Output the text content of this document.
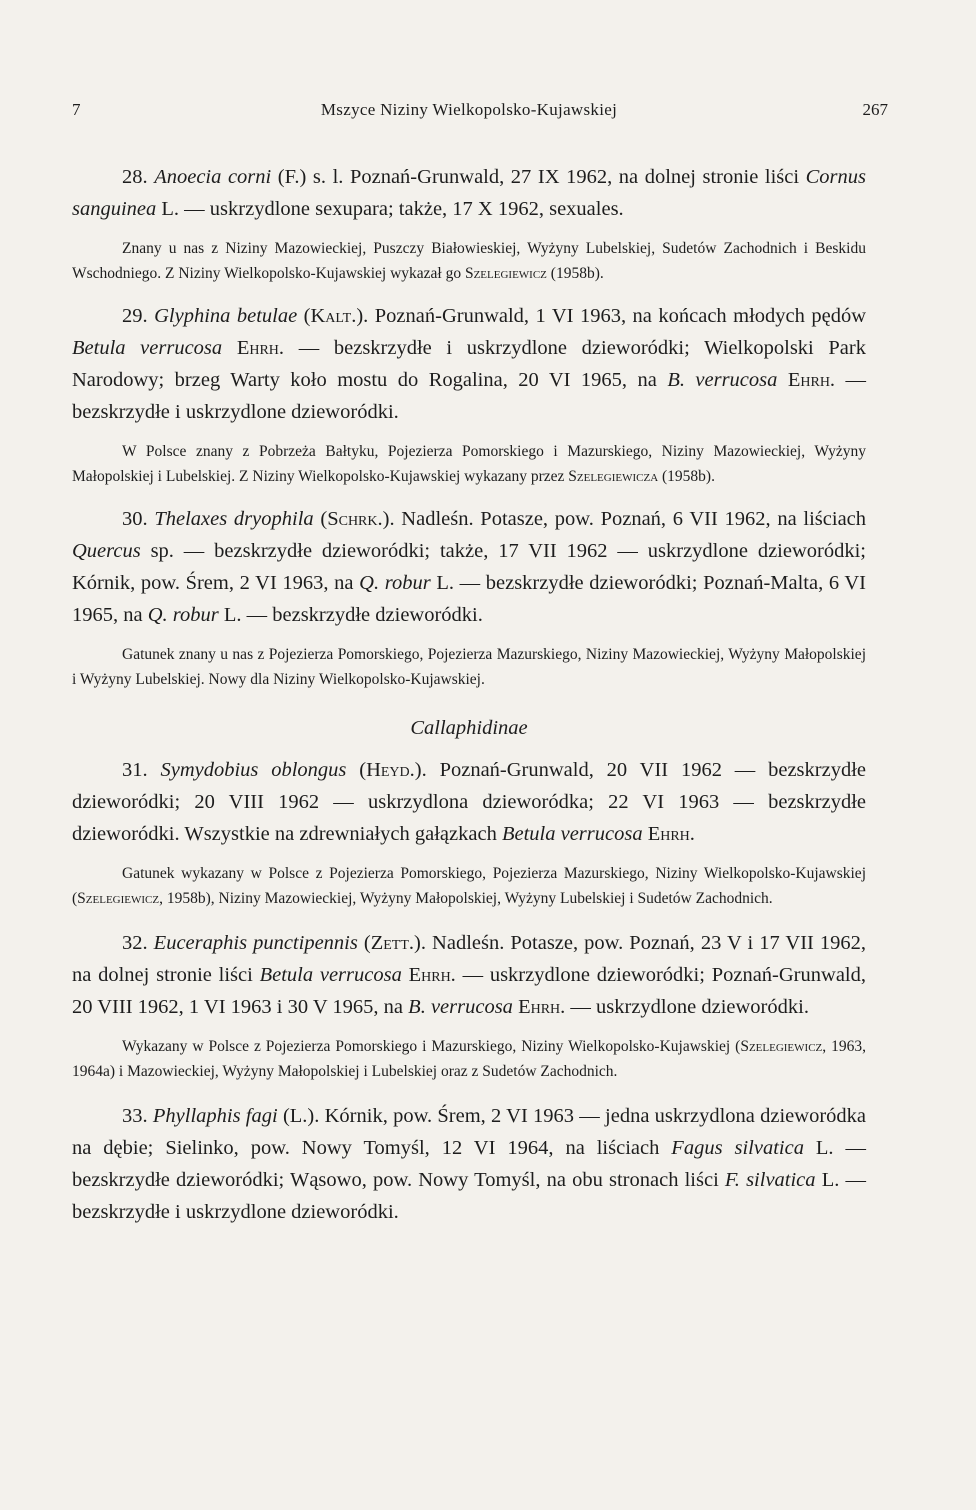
7	Mszyce Niziny Wielkopolsko-Kujawskiej	267

28. Anoecia corni (F.) s. l. Poznań-Grunwald, 27 IX 1962, na dolnej stronie liści Cornus sanguinea L. — uskrzydlone sexupara; także, 17 X 1962, sexuales.

Znany u nas z Niziny Mazowieckiej, Puszczy Białowieskiej, Wyżyny Lubelskiej, Sudetów Zachodnich i Beskidu Wschodniego. Z Niziny Wielkopolsko-Kujawskiej wykazał go Szelegiewicz (1958b).

29. Glyphina betulae (Kalt.). Poznań-Grunwald, 1 VI 1963, na końcach młodych pędów Betula verrucosa Ehrh. — bezskrzydłe i uskrzydlone dzieworódki; Wielkopolski Park Narodowy; brzeg Warty koło mostu do Rogalina, 20 VI 1965, na B. verrucosa Ehrh. — bezskrzydłe i uskrzydlone dzieworódki.

W Polsce znany z Pobrzeża Bałtyku, Pojezierza Pomorskiego i Mazurskiego, Niziny Mazowieckiej, Wyżyny Małopolskiej i Lubelskiej. Z Niziny Wielkopolsko-Kujawskiej wykazany przez Szelegiewicza (1958b).

30. Thelaxes dryophila (Schrk.). Nadleśn. Potasze, pow. Poznań, 6 VII 1962, na liściach Quercus sp. — bezskrzydłe dzieworódki; także, 17 VII 1962 — uskrzydlone dzieworódki; Kórnik, pow. Śrem, 2 VI 1963, na Q. robur L. — bezskrzydłe dzieworódki; Poznań-Malta, 6 VI 1965, na Q. robur L. — bezskrzydłe dzieworódki.

Gatunek znany u nas z Pojezierza Pomorskiego, Pojezierza Mazurskiego, Niziny Mazowieckiej, Wyżyny Małopolskiej i Wyżyny Lubelskiej. Nowy dla Niziny Wielkopolsko-Kujawskiej.

Callaphidinae

31. Symydobius oblongus (Heyd.). Poznań-Grunwald, 20 VII 1962 — bezskrzydłe dzieworódki; 20 VIII 1962 — uskrzydlona dzieworódka; 22 VI 1963 — bezskrzydłe dzieworódki. Wszystkie na zdrewniałych gałązkach Betula verrucosa Ehrh.

Gatunek wykazany w Polsce z Pojezierza Pomorskiego, Pojezierza Mazurskiego, Niziny Wielkopolsko-Kujawskiej (Szelegiewicz, 1958b), Niziny Mazowieckiej, Wyżyny Małopolskiej, Wyżyny Lubelskiej i Sudetów Zachodnich.

32. Euceraphis punctipennis (Zett.). Nadleśn. Potasze, pow. Poznań, 23 V i 17 VII 1962, na dolnej stronie liści Betula verrucosa Ehrh. — uskrzydlone dzieworódki; Poznań-Grunwald, 20 VIII 1962, 1 VI 1963 i 30 V 1965, na B. verrucosa Ehrh. — uskrzydlone dzieworódki.

Wykazany w Polsce z Pojezierza Pomorskiego i Mazurskiego, Niziny Wielkopolsko-Kujawskiej (Szelegiewicz, 1963, 1964a) i Mazowieckiej, Wyżyny Małopolskiej i Lubelskiej oraz z Sudetów Zachodnich.

33. Phyllaphis fagi (L.). Kórnik, pow. Śrem, 2 VI 1963 — jedna uskrzydlona dzieworódka na dębie; Sielinko, pow. Nowy Tomyśl, 12 VI 1964, na liściach Fagus silvatica L. — bezskrzydłe dzieworódki; Wąsowo, pow. Nowy Tomyśl, na obu stronach liści F. silvatica L. — bezskrzydłe i uskrzydlone dzieworódki.
